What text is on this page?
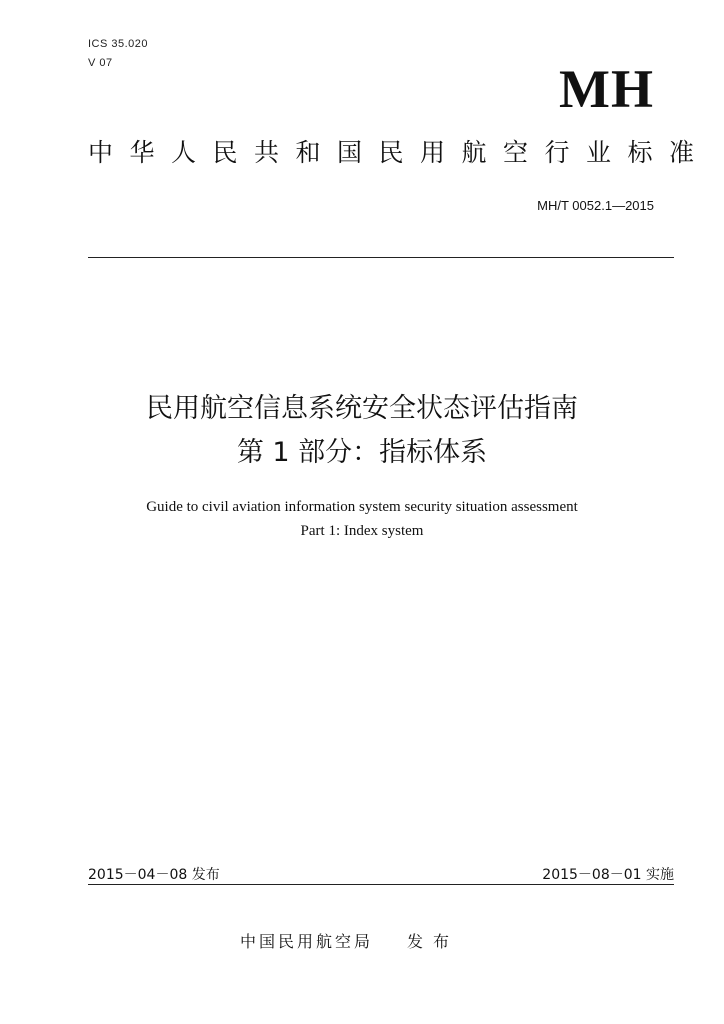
ICS 35.020
V 07	MH
中华人民共和国民用航空行业标准
MH/T 0052.1—2015
民用航空信息系统安全状态评估指南
第 1 部分：指标体系
Guide to civil aviation information system security situation assessment
Part 1: Index system
2015－04－08 发布	2015－08－01 实施
中国民用航空局 发布
